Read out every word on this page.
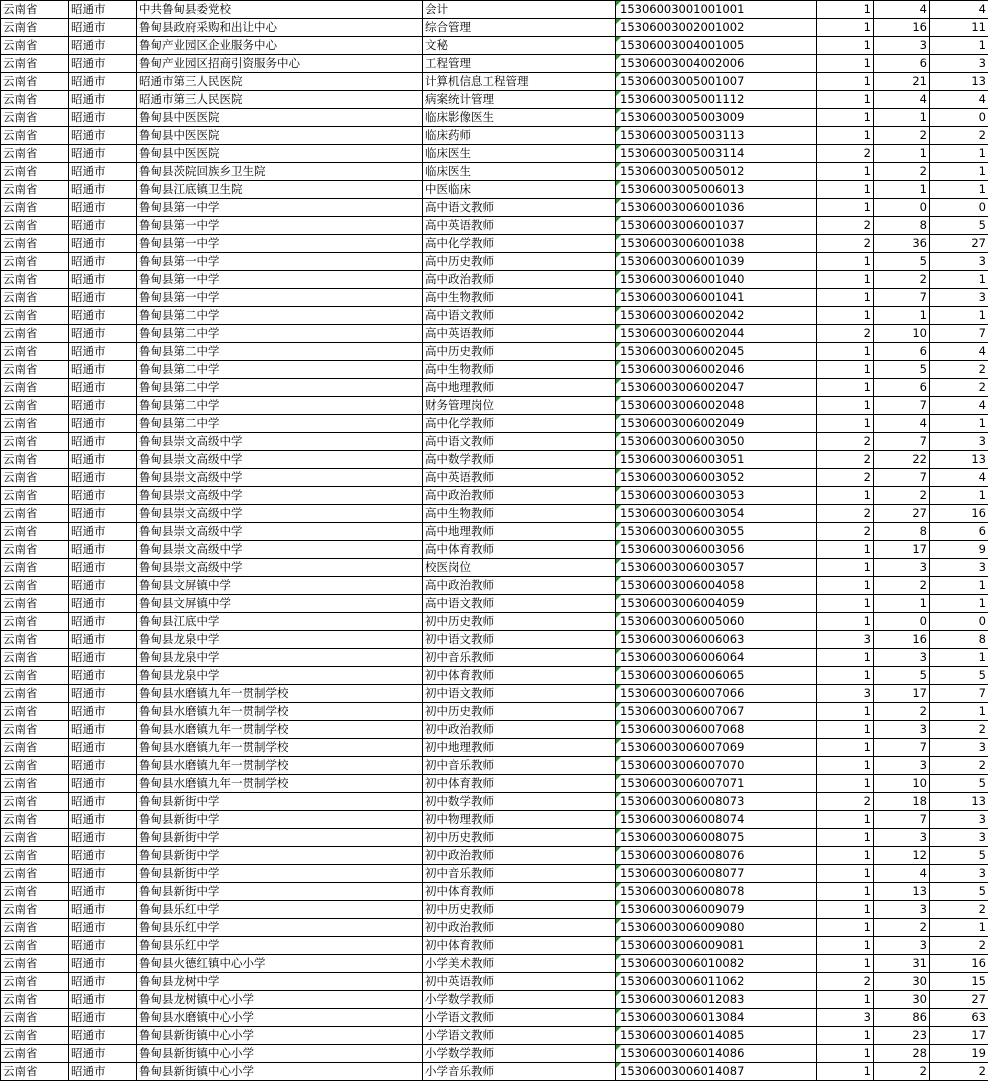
云南省	昭通市	中共鲁甸县委党校	会计	15306003001001001	1	4	4
云南省	昭通市	鲁甸县政府采购和出让中心	综合管理	15306003002001002	1	16	11
云南省	昭通市	鲁甸产业园区企业服务中心	文秘	15306003004001005	1	3	1
云南省	昭通市	鲁甸产业园区招商引资服务中心	工程管理	15306003004002006	1	6	3
云南省	昭通市	昭通市第三人民医院	计算机信息工程管理	15306003005001007	1	21	13
云南省	昭通市	昭通市第三人民医院	病案统计管理	15306003005001112	1	4	4
云南省	昭通市	鲁甸县中医医院	临床影像医生	15306003005003009	1	1	0
云南省	昭通市	鲁甸县中医医院	临床药师	15306003005003113	1	2	2
云南省	昭通市	鲁甸县中医医院	临床医生	15306003005003114	2	1	1
云南省	昭通市	鲁甸县茨院回族乡卫生院	临床医生	15306003005005012	1	2	1
云南省	昭通市	鲁甸县江底镇卫生院	中医临床	15306003005006013	1	1	1
云南省	昭通市	鲁甸县第一中学	高中语文教师	15306003006001036	1	0	0
云南省	昭通市	鲁甸县第一中学	高中英语教师	15306003006001037	2	8	5
云南省	昭通市	鲁甸县第一中学	高中化学教师	15306003006001038	2	36	27
云南省	昭通市	鲁甸县第一中学	高中历史教师	15306003006001039	1	5	3
云南省	昭通市	鲁甸县第一中学	高中政治教师	15306003006001040	1	2	1
云南省	昭通市	鲁甸县第一中学	高中生物教师	15306003006001041	1	7	3
云南省	昭通市	鲁甸县第二中学	高中语文教师	15306003006002042	1	1	1
云南省	昭通市	鲁甸县第二中学	高中英语教师	15306003006002044	2	10	7
云南省	昭通市	鲁甸县第二中学	高中历史教师	15306003006002045	1	6	4
云南省	昭通市	鲁甸县第二中学	高中生物教师	15306003006002046	1	5	2
云南省	昭通市	鲁甸县第二中学	高中地理教师	15306003006002047	1	6	2
云南省	昭通市	鲁甸县第二中学	财务管理岗位	15306003006002048	1	7	4
云南省	昭通市	鲁甸县第二中学	高中化学教师	15306003006002049	1	4	1
云南省	昭通市	鲁甸县崇文高级中学	高中语文教师	15306003006003050	2	7	3
云南省	昭通市	鲁甸县崇文高级中学	高中数学教师	15306003006003051	2	22	13
云南省	昭通市	鲁甸县崇文高级中学	高中英语教师	15306003006003052	2	7	4
云南省	昭通市	鲁甸县崇文高级中学	高中政治教师	15306003006003053	1	2	1
云南省	昭通市	鲁甸县崇文高级中学	高中生物教师	15306003006003054	2	27	16
云南省	昭通市	鲁甸县崇文高级中学	高中地理教师	15306003006003055	2	8	6
云南省	昭通市	鲁甸县崇文高级中学	高中体育教师	15306003006003056	1	17	9
云南省	昭通市	鲁甸县崇文高级中学	校医岗位	15306003006003057	1	3	3
云南省	昭通市	鲁甸县文屏镇中学	高中政治教师	15306003006004058	1	2	1
云南省	昭通市	鲁甸县文屏镇中学	高中语文教师	15306003006004059	1	1	1
云南省	昭通市	鲁甸县江底中学	初中历史教师	15306003006005060	1	0	0
云南省	昭通市	鲁甸县龙泉中学	初中语文教师	15306003006006063	3	16	8
云南省	昭通市	鲁甸县龙泉中学	初中音乐教师	15306003006006064	1	3	1
云南省	昭通市	鲁甸县龙泉中学	初中体育教师	15306003006006065	1	5	5
云南省	昭通市	鲁甸县水磨镇九年一贯制学校	初中语文教师	15306003006007066	3	17	7
云南省	昭通市	鲁甸县水磨镇九年一贯制学校	初中历史教师	15306003006007067	1	2	1
云南省	昭通市	鲁甸县水磨镇九年一贯制学校	初中政治教师	15306003006007068	1	3	2
云南省	昭通市	鲁甸县水磨镇九年一贯制学校	初中地理教师	15306003006007069	1	7	3
云南省	昭通市	鲁甸县水磨镇九年一贯制学校	初中音乐教师	15306003006007070	1	3	2
云南省	昭通市	鲁甸县水磨镇九年一贯制学校	初中体育教师	15306003006007071	1	10	5
云南省	昭通市	鲁甸县新街中学	初中数学教师	15306003006008073	2	18	13
云南省	昭通市	鲁甸县新街中学	初中物理教师	15306003006008074	1	7	3
云南省	昭通市	鲁甸县新街中学	初中历史教师	15306003006008075	1	3	3
云南省	昭通市	鲁甸县新街中学	初中政治教师	15306003006008076	1	12	5
云南省	昭通市	鲁甸县新街中学	初中音乐教师	15306003006008077	1	4	3
云南省	昭通市	鲁甸县新街中学	初中体育教师	15306003006008078	1	13	5
云南省	昭通市	鲁甸县乐红中学	初中历史教师	15306003006009079	1	3	2
云南省	昭通市	鲁甸县乐红中学	初中政治教师	15306003006009080	1	2	1
云南省	昭通市	鲁甸县乐红中学	初中体育教师	15306003006009081	1	3	2
云南省	昭通市	鲁甸县火德红镇中心小学	小学美术教师	15306003006010082	1	31	16
云南省	昭通市	鲁甸县龙树中学	初中英语教师	15306003006011062	2	30	15
云南省	昭通市	鲁甸县龙树镇中心小学	小学数学教师	15306003006012083	1	30	27
云南省	昭通市	鲁甸县水磨镇中心小学	小学语文教师	15306003006013084	3	86	63
云南省	昭通市	鲁甸县新街镇中心小学	小学语文教师	15306003006014085	1	23	17
云南省	昭通市	鲁甸县新街镇中心小学	小学数学教师	15306003006014086	1	28	19
云南省	昭通市	鲁甸县新街镇中心小学	小学音乐教师	15306003006014087	1	2	2
